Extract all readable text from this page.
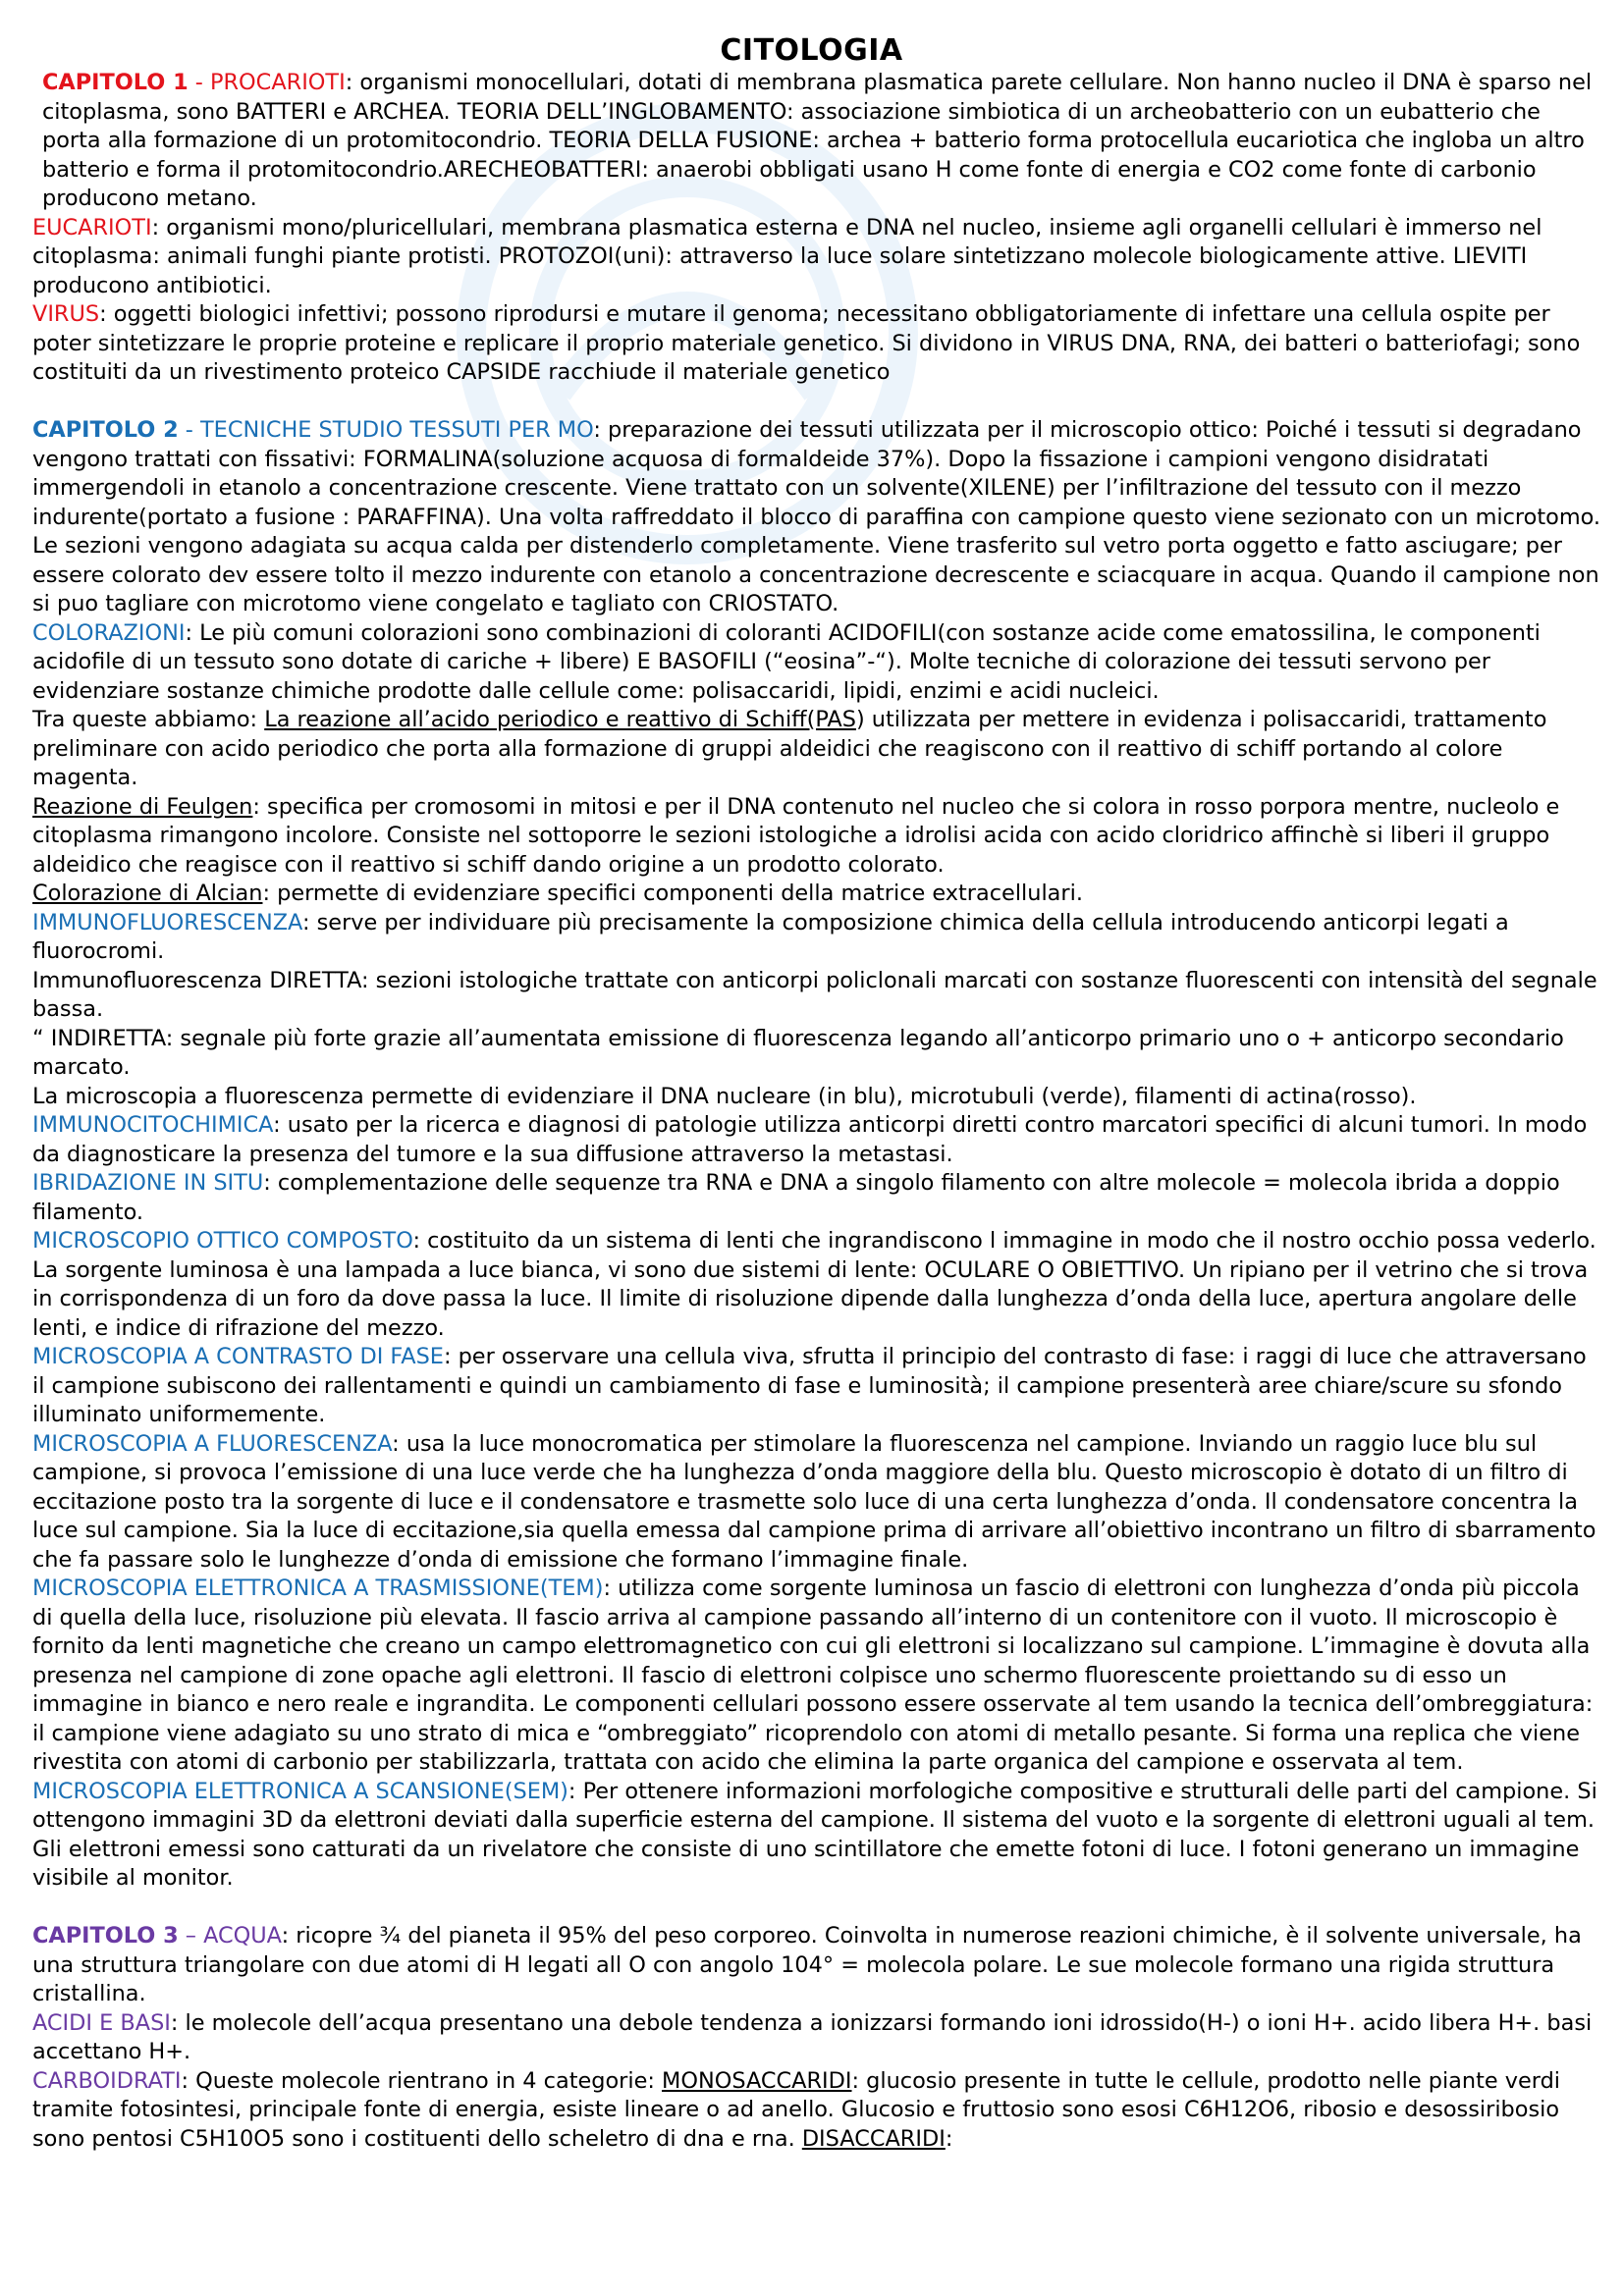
CITOLOGIA

CAPITOLO 1 - PROCARIOTI: organismi monocellulari, dotati di membrana plasmatica parete cellulare. Non hanno nucleo il DNA è sparso nel citoplasma, sono BATTERI e ARCHEA. TEORIA DELL’INGLOBAMENTO: associazione simbiotica di un archeobatterio con un eubatterio che porta alla formazione di un protomitocondrio. TEORIA DELLA FUSIONE: archea + batterio forma protocellula eucariotica che ingloba un altro batterio e forma il protomitocondrio.ARECHEOBATTERI: anaerobi obbligati usano H come fonte di energia e CO2 come fonte di carbonio producono metano.

EUCARIOTI: organismi mono/pluricellulari, membrana plasmatica esterna e DNA nel nucleo, insieme agli organelli cellulari è immerso nel citoplasma: animali funghi piante protisti. PROTOZOI(uni): attraverso la luce solare sintetizzano molecole biologicamente attive. LIEVITI producono antibiotici.

VIRUS: oggetti biologici infettivi; possono riprodursi e mutare il genoma; necessitano obbligatoriamente di infettare una cellula ospite per poter sintetizzare le proprie proteine e replicare il proprio materiale genetico. Si dividono in VIRUS DNA, RNA, dei batteri o batteriofagi; sono costituiti da un rivestimento proteico CAPSIDE racchiude il materiale genetico

CAPITOLO 2 - TECNICHE STUDIO TESSUTI PER MO: preparazione dei tessuti utilizzata per il microscopio ottico: Poiché i tessuti si degradano vengono trattati con fissativi: FORMALINA(soluzione acquosa di formaldeide 37%). Dopo la fissazione i campioni vengono disidratati immergendoli in etanolo a concentrazione crescente. Viene trattato con un solvente(XILENE) per l’infiltrazione del tessuto con il mezzo indurente(portato a fusione : PARAFFINA). Una volta raffreddato il blocco di paraffina con campione questo viene sezionato con un microtomo. Le sezioni vengono adagiata su acqua calda per distenderlo completamente. Viene trasferito sul vetro porta oggetto e fatto asciugare; per essere colorato dev essere tolto il mezzo indurente con etanolo a concentrazione decrescente e sciacquare in acqua. Quando il campione non si puo tagliare con microtomo viene congelato e tagliato con CRIOSTATO.

COLORAZIONI: Le più comuni colorazioni sono combinazioni di coloranti ACIDOFILI(con sostanze acide come ematossilina, le componenti acidofile di un tessuto sono dotate di cariche + libere) E BASOFILI (“eosina”-“). Molte tecniche di colorazione dei tessuti servono per evidenziare sostanze chimiche prodotte dalle cellule come: polisaccaridi, lipidi, enzimi e acidi nucleici.

Tra queste abbiamo: La reazione all’acido periodico e reattivo di Schiff(PAS) utilizzata per mettere in evidenza i polisaccaridi, trattamento preliminare con acido periodico che porta alla formazione di gruppi aldeidici che reagiscono con il reattivo di schiff portando al colore magenta.

Reazione di Feulgen: specifica per cromosomi in mitosi e per il DNA contenuto nel nucleo che si colora in rosso porpora mentre, nucleolo e citoplasma rimangono incolore. Consiste nel sottoporre le sezioni istologiche a idrolisi acida con acido cloridrico affinchè si liberi il gruppo aldeidico che reagisce con il reattivo si schiff dando origine a un prodotto colorato.

Colorazione di Alcian: permette di evidenziare specifici componenti della matrice extracellulari.

IMMUNOFLUORESCENZA: serve per individuare più precisamente la composizione chimica della cellula introducendo anticorpi legati a fluorocromi.

Immunofluorescenza DIRETTA: sezioni istologiche trattate con anticorpi policlonali marcati con sostanze fluorescenti con intensità del segnale bassa.

“ INDIRETTA: segnale più forte grazie all’aumentata emissione di fluorescenza legando all’anticorpo primario uno o + anticorpo secondario marcato.

La microscopia a fluorescenza permette di evidenziare il DNA nucleare (in blu), microtubuli (verde), filamenti di actina(rosso).

IMMUNOCITOCHIMICA: usato per la ricerca e diagnosi di patologie utilizza anticorpi diretti contro marcatori specifici di alcuni tumori. In modo da diagnosticare la presenza del tumore e la sua diffusione attraverso la metastasi.

IBRIDAZIONE IN SITU: complementazione delle sequenze tra RNA e DNA a singolo filamento con altre molecole = molecola ibrida a doppio filamento.

MICROSCOPIO OTTICO COMPOSTO: costituito da un sistema di lenti che ingrandiscono l immagine in modo che il nostro occhio possa vederlo. La sorgente luminosa è una lampada a luce bianca, vi sono due sistemi di lente: OCULARE O OBIETTIVO. Un ripiano per il vetrino che si trova in corrispondenza di un foro da dove passa la luce. Il limite di risoluzione dipende dalla lunghezza d’onda della luce, apertura angolare delle lenti, e indice di rifrazione del mezzo.

MICROSCOPIA A CONTRASTO DI FASE: per osservare una cellula viva, sfrutta il principio del contrasto di fase: i raggi di luce che attraversano il campione subiscono dei rallentamenti e quindi un cambiamento di fase e luminosità; il campione presenterà aree chiare/scure su sfondo illuminato uniformemente.

MICROSCOPIA A FLUORESCENZA: usa la luce monocromatica per stimolare la fluorescenza nel campione. Inviando un raggio luce blu sul campione, si provoca l’emissione di una luce verde che ha lunghezza d’onda maggiore della blu. Questo microscopio è dotato di un filtro di eccitazione posto tra la sorgente di luce e il condensatore e trasmette solo luce di una certa lunghezza d’onda. Il condensatore concentra la luce sul campione. Sia la luce di eccitazione,sia quella emessa dal campione prima di arrivare all’obiettivo incontrano un filtro di sbarramento che fa passare solo le lunghezze d’onda di emissione che formano l’immagine finale.

MICROSCOPIA ELETTRONICA A TRASMISSIONE(TEM): utilizza come sorgente luminosa un fascio di elettroni con lunghezza d’onda più piccola di quella della luce, risoluzione più elevata. Il fascio arriva al campione passando all’interno di un contenitore con il vuoto. Il microscopio è fornito da lenti magnetiche che creano un campo elettromagnetico con cui gli elettroni si localizzano sul campione. L’immagine è dovuta alla presenza nel campione di zone opache agli elettroni. Il fascio di elettroni colpisce uno schermo fluorescente proiettando su di esso un immagine in bianco e nero reale e ingrandita. Le componenti cellulari possono essere osservate al tem usando la tecnica dell’ombreggiatura: il campione viene adagiato su uno strato di mica e “ombreggiato” ricoprendolo con atomi di metallo pesante. Si forma una replica che viene rivestita con atomi di carbonio per stabilizzarla, trattata con acido che elimina la parte organica del campione e osservata al tem.

MICROSCOPIA ELETTRONICA A SCANSIONE(SEM): Per ottenere informazioni morfologiche compositive e strutturali delle parti del campione. Si ottengono immagini 3D da elettroni deviati dalla superficie esterna del campione. Il sistema del vuoto e la sorgente di elettroni uguali al tem. Gli elettroni emessi sono catturati da un rivelatore che consiste di uno scintillatore che emette fotoni di luce. I fotoni generano un immagine visibile al monitor.

CAPITOLO 3 – ACQUA: ricopre ¾ del pianeta il 95% del peso corporeo. Coinvolta in numerose reazioni chimiche, è il solvente universale, ha una struttura triangolare con due atomi di H legati all O con angolo 104° = molecola polare. Le sue molecole formano una rigida struttura cristallina.

ACIDI E BASI: le molecole dell’acqua presentano una debole tendenza a ionizzarsi formando ioni idrossido(H-) o ioni H+. acido libera H+. basi accettano H+.

CARBOIDRATI: Queste molecole rientrano in 4 categorie: MONOSACCARIDI: glucosio presente in tutte le cellule, prodotto nelle piante verdi tramite fotosintesi, principale fonte di energia, esiste lineare o ad anello. Glucosio e fruttosio sono esosi C6H12O6, ribosio e desossiribosio sono pentosi C5H10O5 sono i costituenti dello scheletro di dna e rna. DISACCARIDI:
